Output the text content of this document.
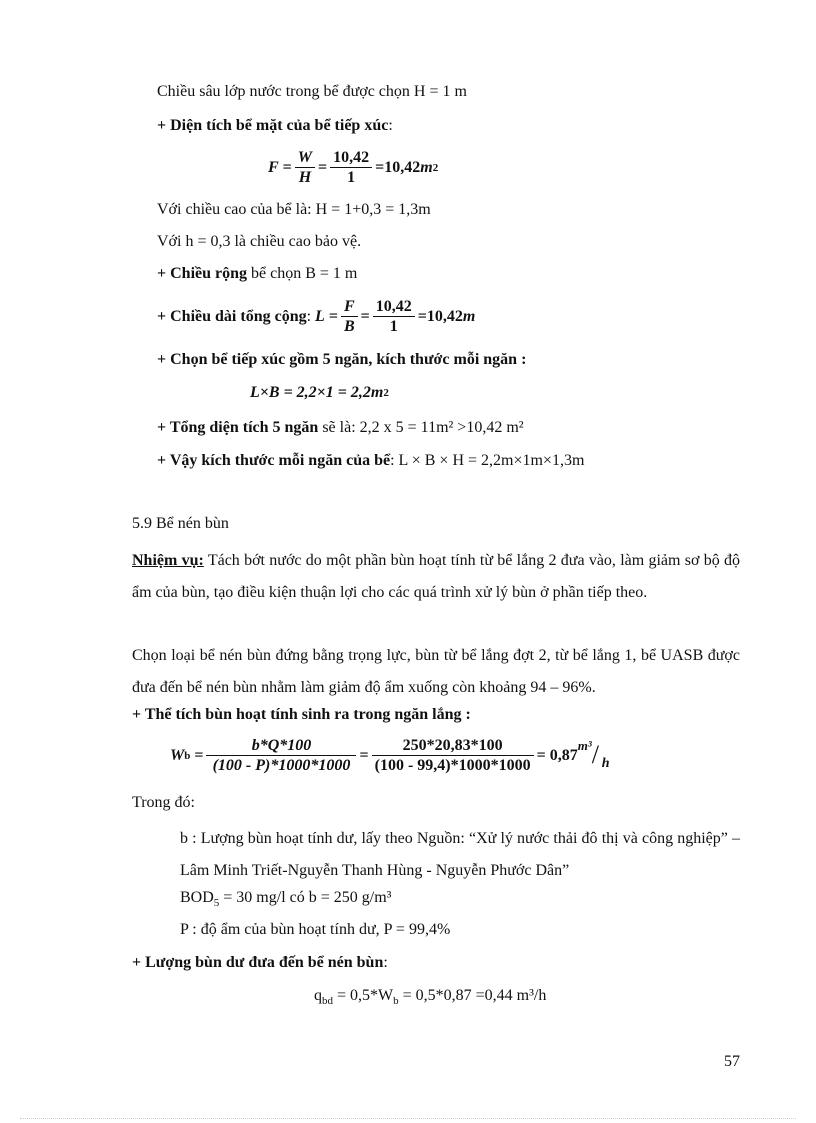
Chiều sâu lớp nước trong bể được chọn H = 1 m
+ Diện tích bể mặt của bể tiếp xúc:
$F = \frac{W}{H} = \frac{10,42}{1} = 10,42$ m 2
Với chiều cao của bể là: H = 1+0,3 = 1,3m
Với h = 0,3 là chiều cao bảo vệ.
+ Chiều rộng bể chọn B = 1 m
+ Chiều dài tổng cộng :
$L = \frac{F}{B} = \frac{10,42}{1} = 10,42$ m
+ Chọn bể tiếp xúc gồm 5 ngăn, kích thước mỗi ngăn :
L×B = 2,2×1 = 2,2 m 2
+ Tổng diện tích 5 ngăn sẽ là: 2,2 x 5 = 11m² >10,42 m²
+ Vậy kích thước mỗi ngăn của bể: L × B × H = 2,2m×1m×1,3m
5.9 Bể nén bùn
Nhiệm vụ: Tách bớt nước do một phần bùn hoạt tính từ bể lắng 2 đưa vào, làm giảm sơ bộ độ ẩm của bùn, tạo điều kiện thuận lợi cho các quá trình xử lý bùn ở phần tiếp theo.
Chọn loại bể nén bùn đứng bằng trọng lực, bùn từ bể lắng đợt 2, từ bể lắng 1, bể UASB được đưa đến bể nén bùn nhằm làm giảm độ ẩm xuống còn khoảng 94 – 96%.
+ Thể tích bùn hoạt tính sinh ra trong ngăn lắng :
W $b = \frac{b*Q*100}{(100 - P)*1000*1000} = \frac{250*20,83*100}{(100 - 99,4)*1000*1000} = 0,87$
m³ / h
Trong đó:
b : Lượng bùn hoạt tính dư, lấy theo Nguồn: “Xử lý nước thải đô thị và công nghiệp” – Lâm Minh Triết-Nguyễn Thanh Hùng - Nguyễn Phước Dân”
$BOD_5 = 30$ mg/l có b = 250 g/m³
P : độ ẩm của bùn hoạt tính dư, P = 99,4%
+ Lượng bùn dư đưa đến bể nén bùn:
$q_{bd} = 0,5*W_b = 0,5*0,87 =0,44$ m³/h
57
